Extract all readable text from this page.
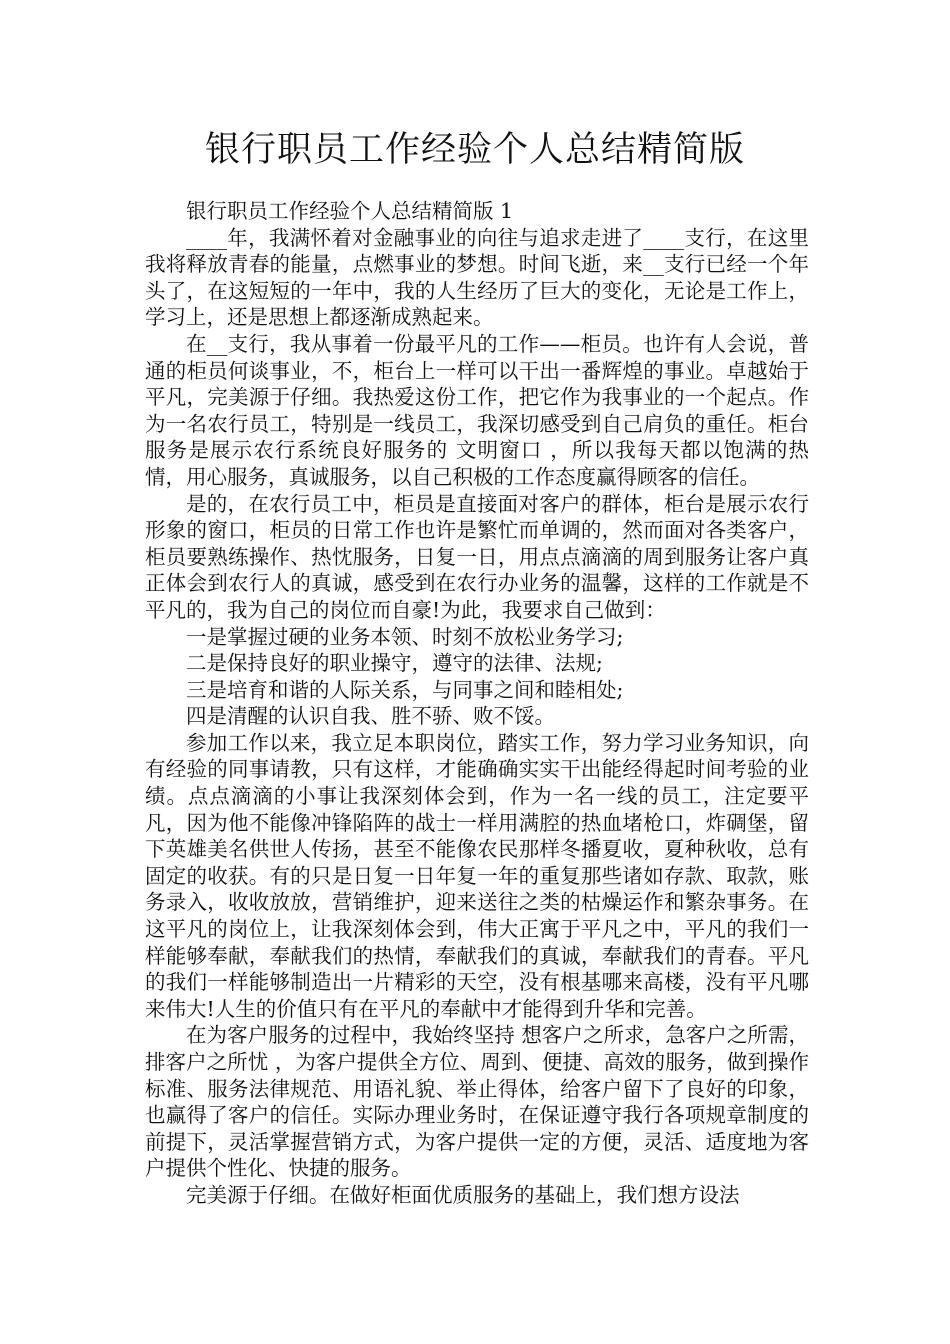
银行职员工作经验个人总结精简版

银行职员工作经验个人总结精简版 1

____年，我满怀着对金融事业的向往与追求走进了____支行，在这里我将释放青春的能量，点燃事业的梦想。时间飞逝，来__支行已经一个年头了，在这短短的一年中，我的人生经历了巨大的变化，无论是工作上，学习上，还是思想上都逐渐成熟起来。

在__支行，我从事着一份最平凡的工作——柜员。也许有人会说，普通的柜员何谈事业，不，柜台上一样可以干出一番辉煌的事业。卓越始于平凡，完美源于仔细。我热爱这份工作，把它作为我事业的一个起点。作为一名农行员工，特别是一线员工，我深切感受到自己肩负的重任。柜台服务是展示农行系统良好服务的 文明窗口 ，所以我每天都以饱满的热情，用心服务，真诚服务，以自己积极的工作态度赢得顾客的信任。

是的，在农行员工中，柜员是直接面对客户的群体，柜台是展示农行形象的窗口，柜员的日常工作也许是繁忙而单调的，然而面对各类客户，柜员要熟练操作、热忱服务，日复一日，用点点滴滴的周到服务让客户真正体会到农行人的真诚，感受到在农行办业务的温馨，这样的工作就是不平凡的，我为自己的岗位而自豪!为此，我要求自己做到：

一是掌握过硬的业务本领、时刻不放松业务学习;

二是保持良好的职业操守，遵守的法律、法规;

三是培育和谐的人际关系，与同事之间和睦相处;

四是清醒的认识自我、胜不骄、败不馁。

参加工作以来，我立足本职岗位，踏实工作，努力学习业务知识，向有经验的同事请教，只有这样，才能确确实实干出能经得起时间考验的业绩。点点滴滴的小事让我深刻体会到，作为一名一线的员工，注定要平凡，因为他不能像冲锋陷阵的战士一样用满腔的热血堵枪口，炸碉堡，留下英雄美名供世人传扬，甚至不能像农民那样冬播夏收，夏种秋收，总有固定的收获。有的只是日复一日年复一年的重复那些诸如存款、取款，账务录入，收收放放，营销维护，迎来送往之类的枯燥运作和繁杂事务。在这平凡的岗位上，让我深刻体会到，伟大正寓于平凡之中，平凡的我们一样能够奉献，奉献我们的热情，奉献我们的真诚，奉献我们的青春。平凡的我们一样能够制造出一片精彩的天空，没有根基哪来高楼，没有平凡哪来伟大!人生的价值只有在平凡的奉献中才能得到升华和完善。

在为客户服务的过程中，我始终坚持 想客户之所求，急客户之所需，排客户之所忧 ，为客户提供全方位、周到、便捷、高效的服务，做到操作标准、服务法律规范、用语礼貌、举止得体，给客户留下了良好的印象，也赢得了客户的信任。实际办理业务时，在保证遵守我行各项规章制度的前提下，灵活掌握营销方式，为客户提供一定的方便，灵活、适度地为客户提供个性化、快捷的服务。

完美源于仔细。在做好柜面优质服务的基础上，我们想方设法
